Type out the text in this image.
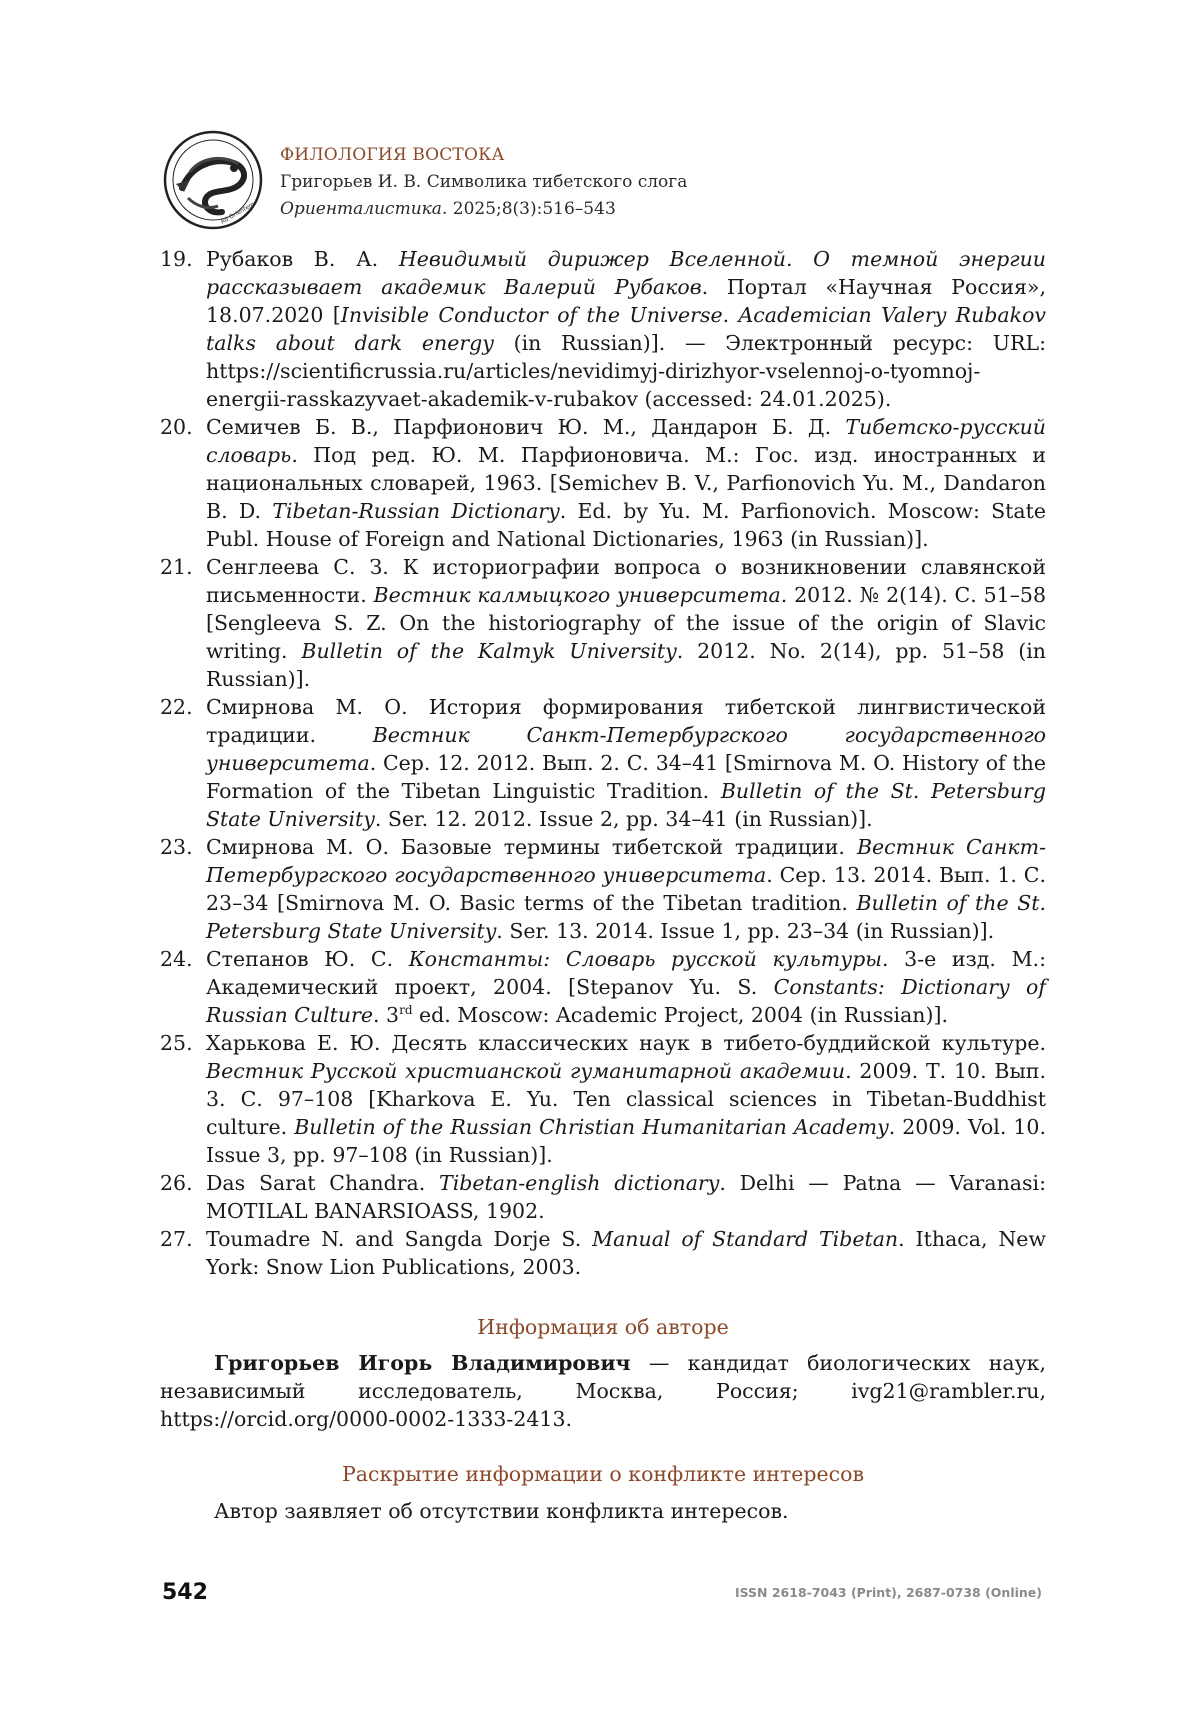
Ad Orientem
ФИЛОЛОГИЯ ВОСТОКА
Григорьев И. В. Символика тибетского слога
Ориенталистика. 2025;8(3):516–543
19. Рубаков В. А. Невидимый дирижер Вселенной. О темной энергии рассказывает академик Валерий Рубаков. Портал «Научная Россия», 18.07.2020 [Invisible Conductor of the Universe. Academician Valery Rubakov talks about dark energy (in Russian)]. — Электронный ресурс: URL: https://scientificrussia.ru/articles/nevidimyj-dirizhyor-vselennoj-o-tyomnoj-energii-rasskazyvaet-akademik-v-rubakov (accessed: 24.01.2025).
20. Семичев Б. В., Парфионович Ю. М., Дандарон Б. Д. Тибетско-русский словарь. Под ред. Ю. М. Парфионовича. М.: Гос. изд. иностранных и национальных словарей, 1963. [Semichev B. V., Parfionovich Yu. M., Dandaron B. D. Tibetan-Russian Dictionary. Ed. by Yu. M. Parfionovich. Moscow: State Publ. House of Foreign and National Dictionaries, 1963 (in Russian)].
21. Сенглеева С. З. К историографии вопроса о возникновении славянской письменности. Вестник калмыцкого университета. 2012. № 2(14). С. 51–58 [Sengleeva S. Z. On the historiography of the issue of the origin of Slavic writing. Bulletin of the Kalmyk University. 2012. No. 2(14), pp. 51–58 (in Russian)].
22. Смирнова М. О. История формирования тибетской лингвистической традиции. Вестник Санкт-Петербургского государственного университета. Сер. 12. 2012. Вып. 2. С. 34–41 [Smirnova M. O. History of the Formation of the Tibetan Linguistic Tradition. Bulletin of the St. Petersburg State University. Ser. 12. 2012. Issue 2, pp. 34–41 (in Russian)].
23. Смирнова М. О. Базовые термины тибетской традиции. Вестник Санкт-Петербургского государственного университета. Сер. 13. 2014. Вып. 1. С. 23–34 [Smirnova M. O. Basic terms of the Tibetan tradition. Bulletin of the St. Petersburg State University. Ser. 13. 2014. Issue 1, pp. 23–34 (in Russian)].
24. Степанов Ю. С. Константы: Словарь русской культуры. 3-е изд. М.: Академический проект, 2004. [Stepanov Yu. S. Constants: Dictionary of Russian Culture. 3rd ed. Moscow: Academic Project, 2004 (in Russian)].
25. Харькова Е. Ю. Десять классических наук в тибето-буддийской культуре. Вестник Русской христианской гуманитарной академии. 2009. Т. 10. Вып. 3. С. 97–108 [Kharkova E. Yu. Ten classical sciences in Tibetan-Buddhist culture. Bulletin of the Russian Christian Humanitarian Academy. 2009. Vol. 10. Issue 3, pp. 97–108 (in Russian)].
26. Das Sarat Chandra. Tibetan-english dictionary. Delhi — Patna — Varanasi: MOTILAL BANARSIOASS, 1902.
27. Toumadre N. and Sangda Dorje S. Manual of Standard Tibetan. Ithaca, New York: Snow Lion Publications, 2003.
Информация об авторе
Григорьев Игорь Владимирович — кандидат биологических наук, независимый исследователь, Москва, Россия; ivg21@rambler.ru, https://orcid.org/0000-0002-1333-2413.
Раскрытие информации о конфликте интересов
Автор заявляет об отсутствии конфликта интересов.
542	ISSN 2618-7043 (Print), 2687-0738 (Online)
